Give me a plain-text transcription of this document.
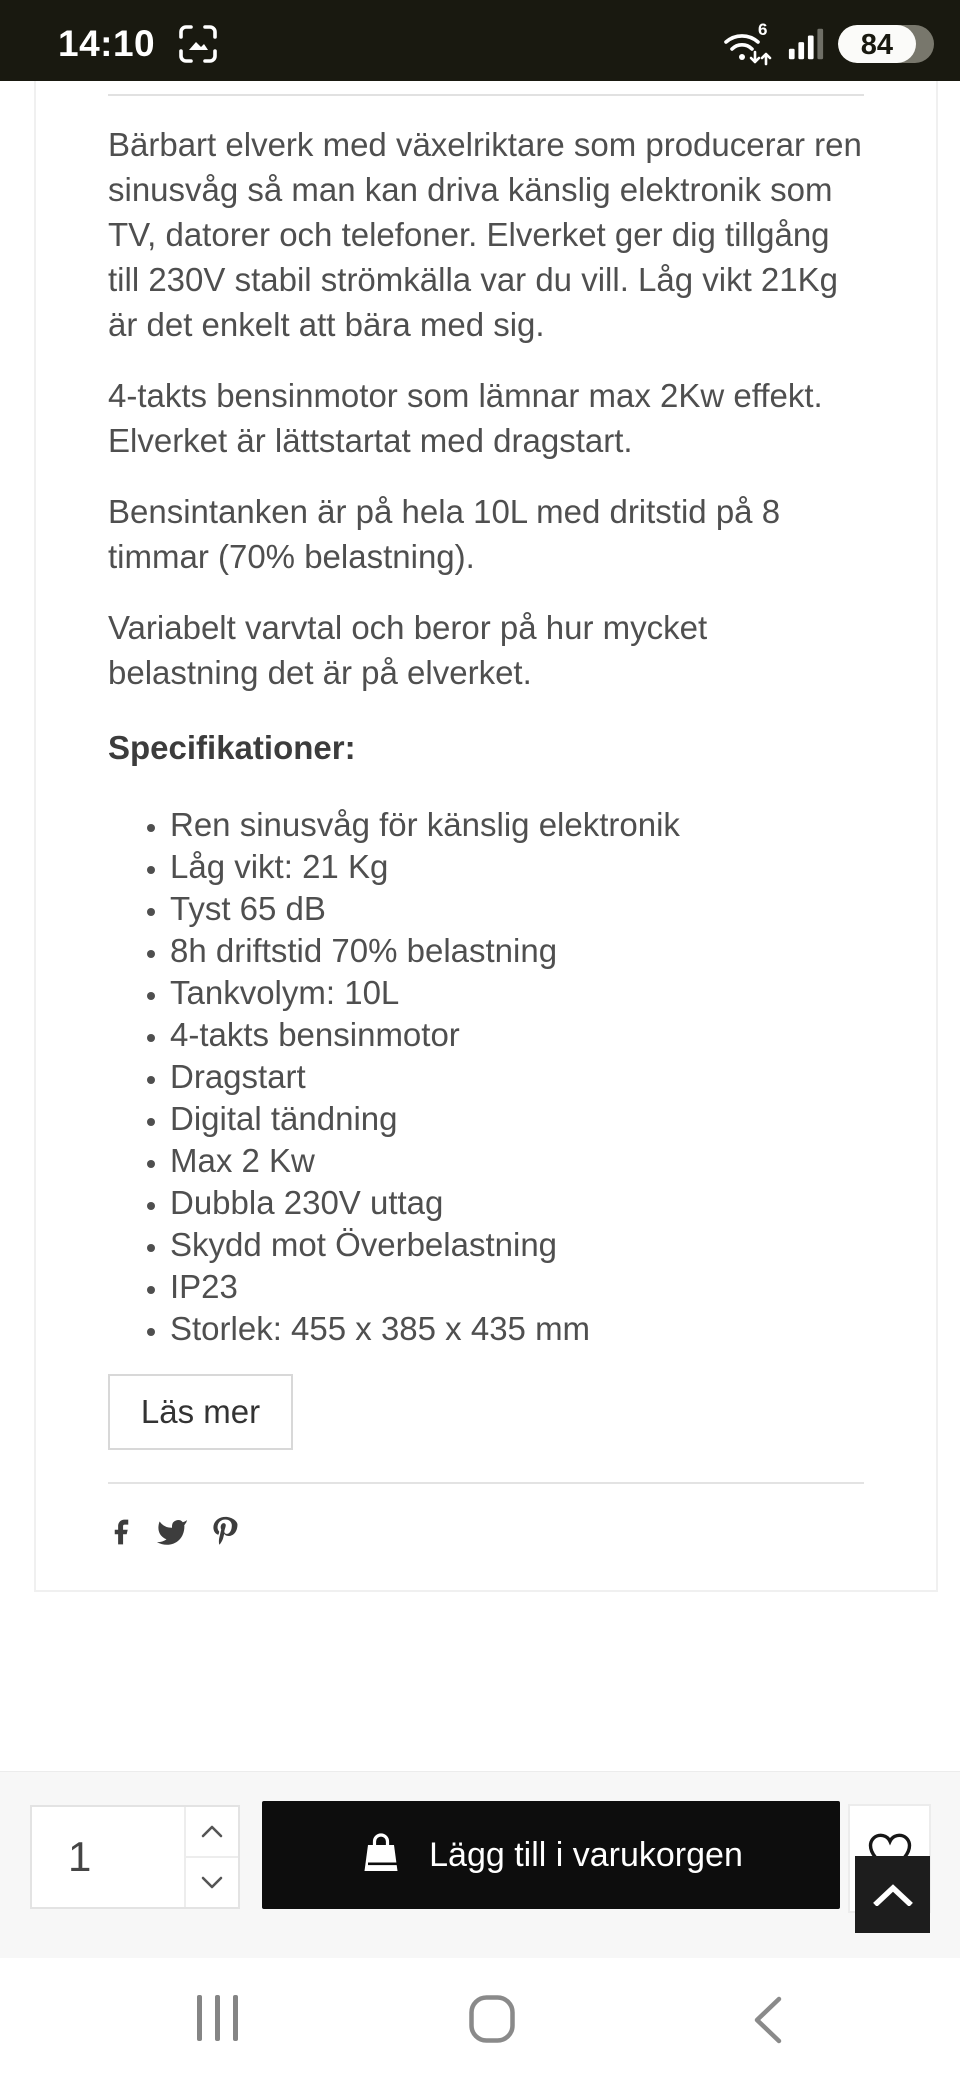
14:10	6	84

Bärbart elverk med växelriktare som producerar ren sinusvåg så man kan driva känslig elektronik som TV, datorer och telefoner. Elverket ger dig tillgång till 230V stabil strömkälla var du vill. Låg vikt 21Kg är det enkelt att bära med sig.

4-takts bensinmotor som lämnar max 2Kw effekt. Elverket är lättstartat med dragstart.

Bensintanken är på hela 10L med dritstid på 8 timmar (70% belastning).

Variabelt varvtal och beror på hur mycket belastning det är på elverket.

Specifikationer:

• Ren sinusvåg för känslig elektronik
• Låg vikt: 21 Kg
• Tyst 65 dB
• 8h driftstid 70% belastning
• Tankvolym: 10L
• 4-takts bensinmotor
• Dragstart
• Digital tändning
• Max 2 Kw
• Dubbla 230V uttag
• Skydd mot Överbelastning
• IP23
• Storlek: 455 x 385 x 435 mm
Läs mer
1	Lägg till i varukorgen
